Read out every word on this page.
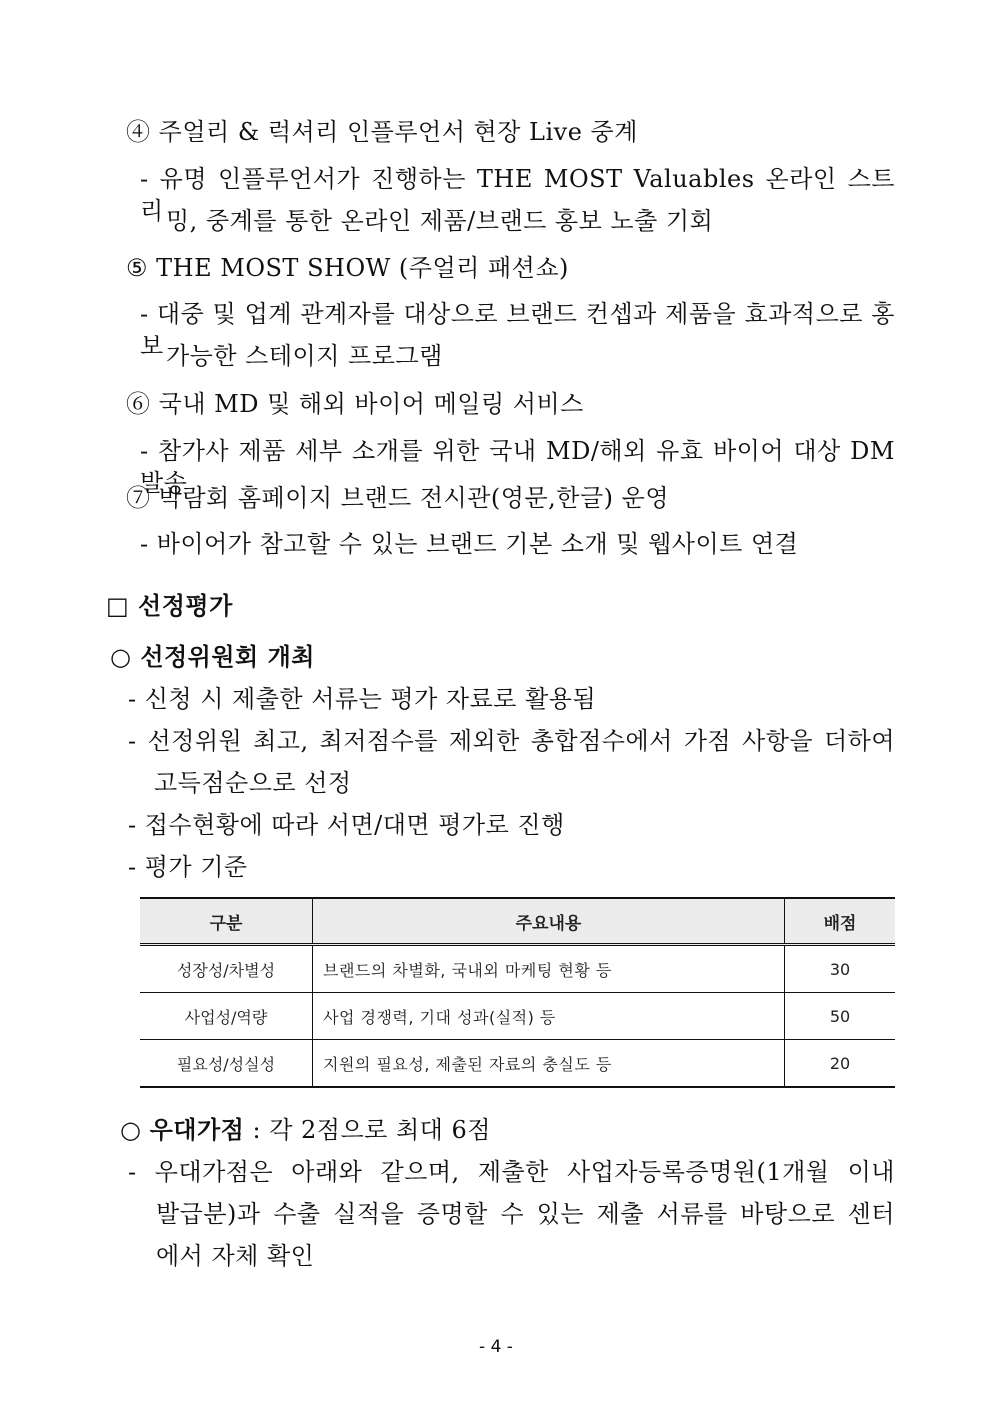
④ 주얼리 & 럭셔리 인플루언서 현장 Live 중계
- 유명 인플루언서가 진행하는 THE MOST Valuables 온라인 스트리 밍, 중계를 통한 온라인 제품/브랜드 홍보 노출 기회
⑤ THE MOST SHOW (주얼리 패션쇼)
- 대중 및 업계 관계자를 대상으로 브랜드 컨셉과 제품을 효과적으로 홍보 가능한 스테이지 프로그램
⑥ 국내 MD 및 해외 바이어 메일링 서비스
- 참가사 제품 세부 소개를 위한 국내 MD/해외 유효 바이어 대상 DM 발송
⑦ 박람회 홈페이지 브랜드 전시관(영문,한글) 운영
- 바이어가 참고할 수 있는 브랜드 기본 소개 및 웹사이트 연결
□ 선정평가
○ 선정위원회 개최
- 신청 시 제출한 서류는 평가 자료로 활용됨
- 선정위원 최고, 최저점수를 제외한 총합점수에서 가점 사항을 더하여
고득점순으로 선정
- 접수현황에 따라 서면/대면 평가로 진행
- 평가 기준
구분	주요내용	배점
성장성/차별성	브랜드의 차별화, 국내외 마케팅 현황 등	30
사업성/역량	사업 경쟁력, 기대 성과(실적) 등	50
필요성/성실성	지원의 필요성, 제출된 자료의 충실도 등	20
○ 우대가점 : 각 2점으로 최대 6점
- 우대가점은 아래와 같으며, 제출한 사업자등록증명원(1개월 이내
발급분)과 수출 실적을 증명할 수 있는 제출 서류를 바탕으로 센터
에서 자체 확인
- 4 -
